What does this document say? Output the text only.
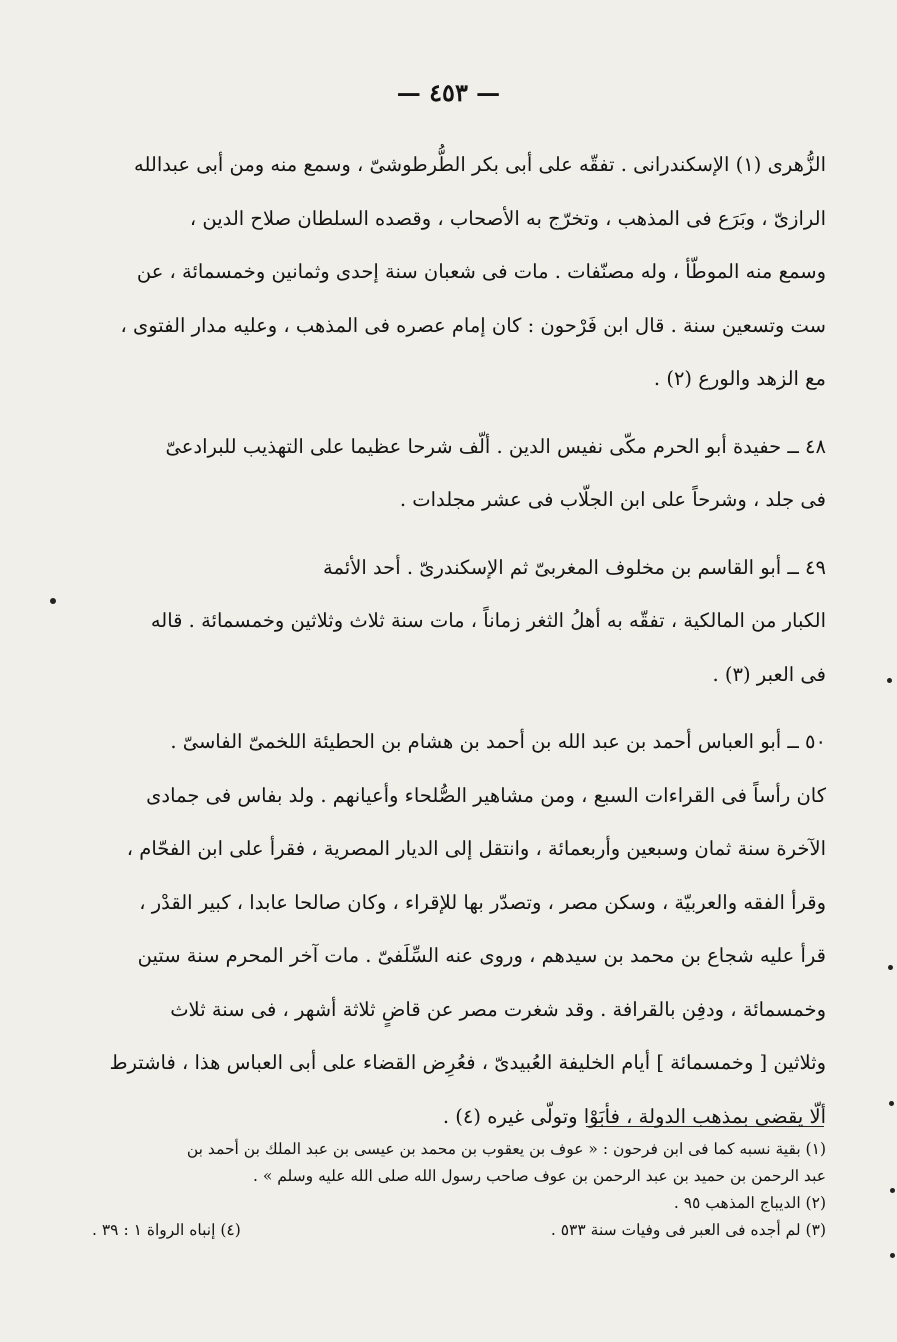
— ٤٥٣ —
الزُّهرى (١) الإسكندرانى . تفقّه على أبى بكر الطُّرطوشىّ ، وسمع منه ومن أبى عبدالله
الرازىّ ، وبَرَع فى المذهب ، وتخرّج به الأصحاب ، وقصده السلطان صلاح الدين ،
وسمع منه الموطّأ ، وله مصنّفات . مات فى شعبان سنة إحدى وثمانين وخمسمائة ، عن
ست وتسعين سنة . قال ابن فَرْحون : كان إمام عصره فى المذهب ، وعليه مدار الفتوى ،
مع الزهد والورع (٢) .
٤٨ ــ حفيدة أبو الحرم مكّى نفيس الدين . ألّف شرحا عظيما على التهذيب للبرادعىّ
فى جلد ، وشرحاً على ابن الجلّاب فى عشر مجلدات .
٤٩ ــ أبو القاسم بن مخلوف المغربىّ ثم الإسكندرىّ . أحد الأئمة
الكبار من المالكية ، تفقّه به أهلُ الثغر زماناً ، مات سنة ثلاث وثلاثين وخمسمائة . قاله
فى العبر (٣) .
٥٠ ــ أبو العباس أحمد بن عبد الله بن أحمد بن هشام بن الحطيئة اللخمىّ الفاسىّ .
كان رأساً فى القراءات السبع ، ومن مشاهير الصُّلحاء وأعيانهم . ولد بفاس فى جمادى
الآخرة سنة ثمان وسبعين وأربعمائة ، وانتقل إلى الديار المصرية ، فقرأ على ابن الفحّام ،
وقرأ الفقه والعربيّة ، وسكن مصر ، وتصدّر بها للإقراء ، وكان صالحا عابدا ، كبير القدْر ،
قرأ عليه شجاع بن محمد بن سيدهم ، وروى عنه السِّلَفىّ . مات آخر المحرم سنة ستين
وخمسمائة ، ودفِن بالقرافة . وقد شغرت مصر عن قاضٍ ثلاثة أشهر ، فى سنة ثلاث
وثلاثين [ وخمسمائة ] أيام الخليفة العُبيدىّ ، فعُرِض القضاء على أبى العباس هذا ، فاشترط
ألّا يقضى بمذهب الدولة ، فأبَوْا وتولّى غيره (٤) .
(١) بقية نسبه كما فى ابن فرحون : « عوف بن يعقوب بن محمد بن عيسى بن عبد الملك بن أحمد بن
عبد الرحمن بن حميد بن عبد الرحمن بن عوف صاحب رسول الله صلى الله عليه وسلم » .
(٢) الديباج المذهب ٩٥ .
(٣) لم أجده فى العبر فى وفيات سنة ٥٣٣ .
(٤) إنباه الرواة ١ : ٣٩ .
